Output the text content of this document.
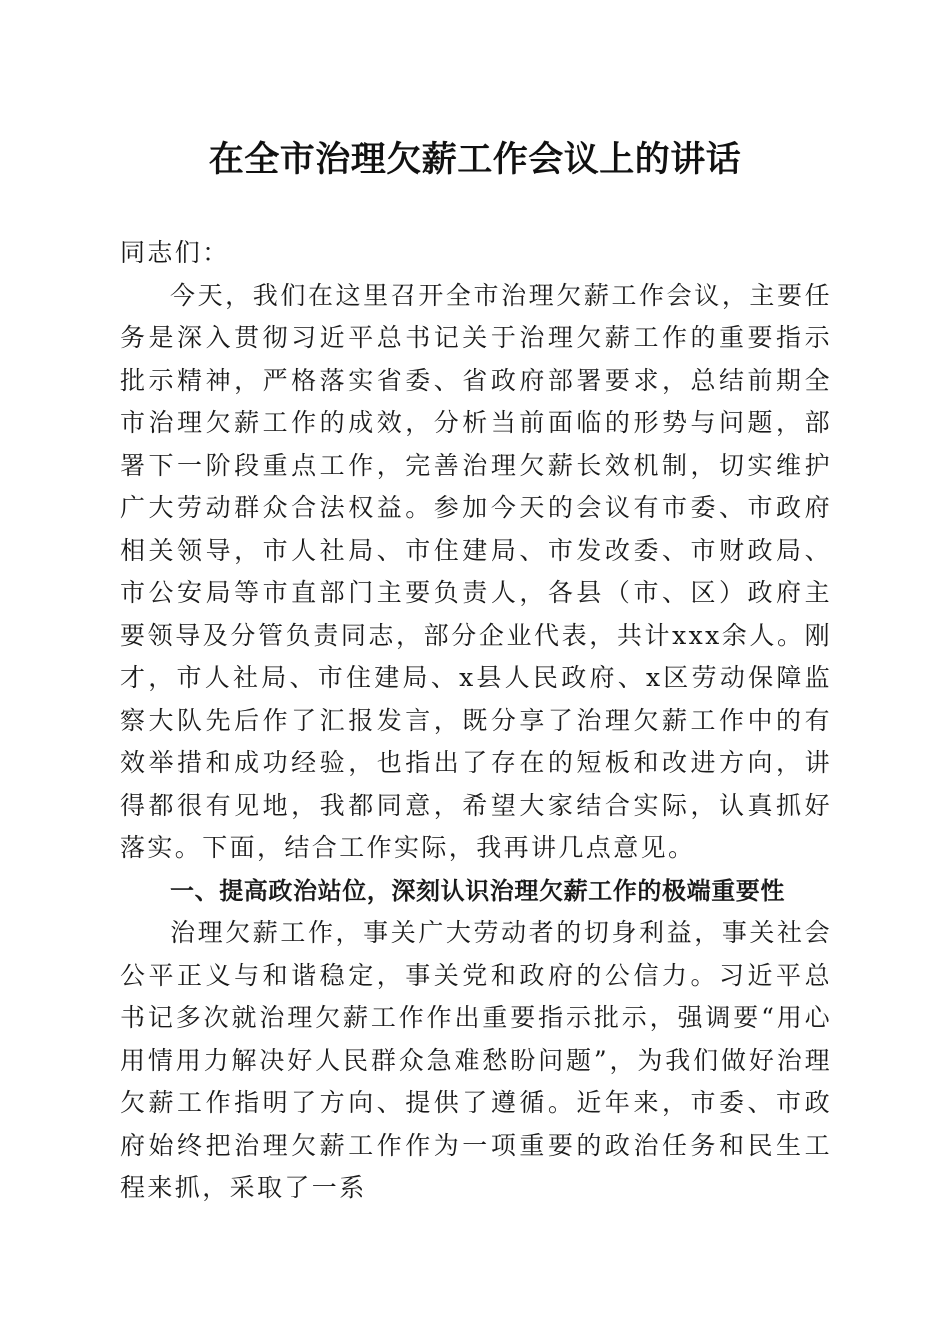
在全市治理欠薪工作会议上的讲话

同志们：

今天，我们在这里召开全市治理欠薪工作会议，主要任务是深入贯彻习近平总书记关于治理欠薪工作的重要指示批示精神，严格落实省委、省政府部署要求，总结前期全市治理欠薪工作的成效，分析当前面临的形势与问题，部署下一阶段重点工作，完善治理欠薪长效机制，切实维护广大劳动群众合法权益。参加今天的会议有市委、市政府相关领导，市人社局、市住建局、市发改委、市财政局、市公安局等市直部门主要负责人，各县（市、区）政府主要领导及分管负责同志，部分企业代表，共计xxx余人。刚才，市人社局、市住建局、x县人民政府、x区劳动保障监察大队先后作了汇报发言，既分享了治理欠薪工作中的有效举措和成功经验，也指出了存在的短板和改进方向，讲得都很有见地，我都同意，希望大家结合实际，认真抓好落实。下面，结合工作实际，我再讲几点意见。

一、提高政治站位，深刻认识治理欠薪工作的极端重要性

治理欠薪工作，事关广大劳动者的切身利益，事关社会公平正义与和谐稳定，事关党和政府的公信力。习近平总书记多次就治理欠薪工作作出重要指示批示，强调要“用心用情用力解决好人民群众急难愁盼问题”，为我们做好治理欠薪工作指明了方向、提供了遵循。近年来，市委、市政府始终把治理欠薪工作作为一项重要的政治任务和民生工程来抓，采取了一系
